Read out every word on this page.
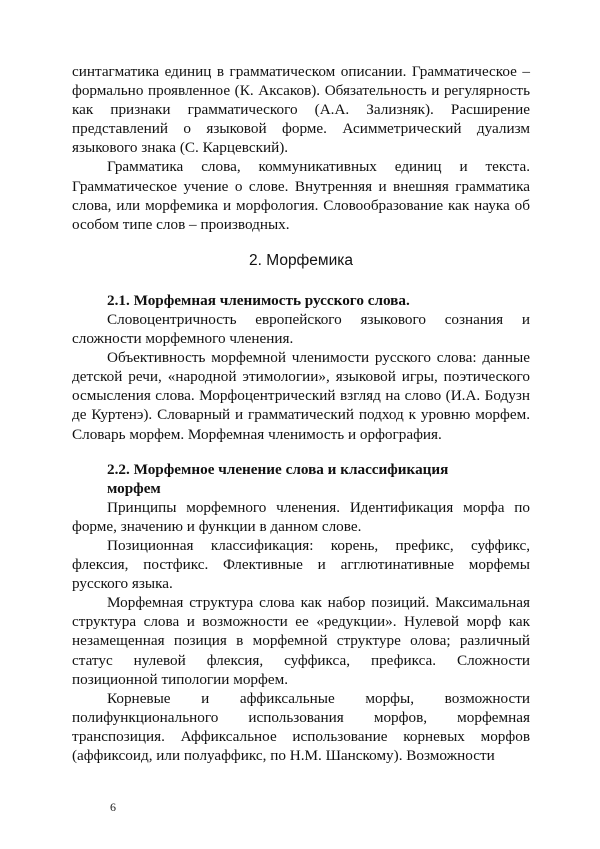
синтагматика единиц в грамматическом описании. Грамматическое – формально проявленное (К. Аксаков). Обязательность и регулярность как признаки грамматического (А.А. Зализняк). Расширение представлений о языковой форме. Асимметрический дуализм языкового знака (С. Карцевский).

Грамматика слова, коммуникативных единиц и текста. Грамматическое учение о слове. Внутренняя и внешняя грамматика слова, или морфемика и морфология. Словообразование как наука об особом типе слов – производных.

2. Морфемика

2.1. Морфемная членимость русского слова.

Словоцентричность европейского языкового сознания и сложности морфемного членения.

Объективность морфемной членимости русского слова: данные детской речи, «народной этимологии», языковой игры, поэтического осмысления слова. Морфоцентрический взгляд на слово (И.А. Бодузн де Куртенэ). Словарный и грамматический подход к уровню морфем. Словарь морфем. Морфемная членимость и орфография.

2.2. Морфемное членение слова и классификация
морфем

Принципы морфемного членения. Идентификация морфа по форме, значению и функции в данном слове.

Позиционная классификация: корень, префикс, суффикс, флексия, постфикс. Флективные и агглютинативные морфемы русского языка.

Морфемная структура слова как набор позиций. Максимальная структура слова и возможности ее «редукции». Нулевой морф как незамещенная позиция в морфемной структуре олова; различный статус нулевой флексия, суффикса, префикса. Сложности позиционной типологии морфем.

Корневые и аффиксальные морфы, возможности полифункционального использования морфов, морфемная транспозиция. Аффиксальное использование корневых морфов (аффиксоид, или полуаффикс, по Н.М. Шанскому). Возможности

6
